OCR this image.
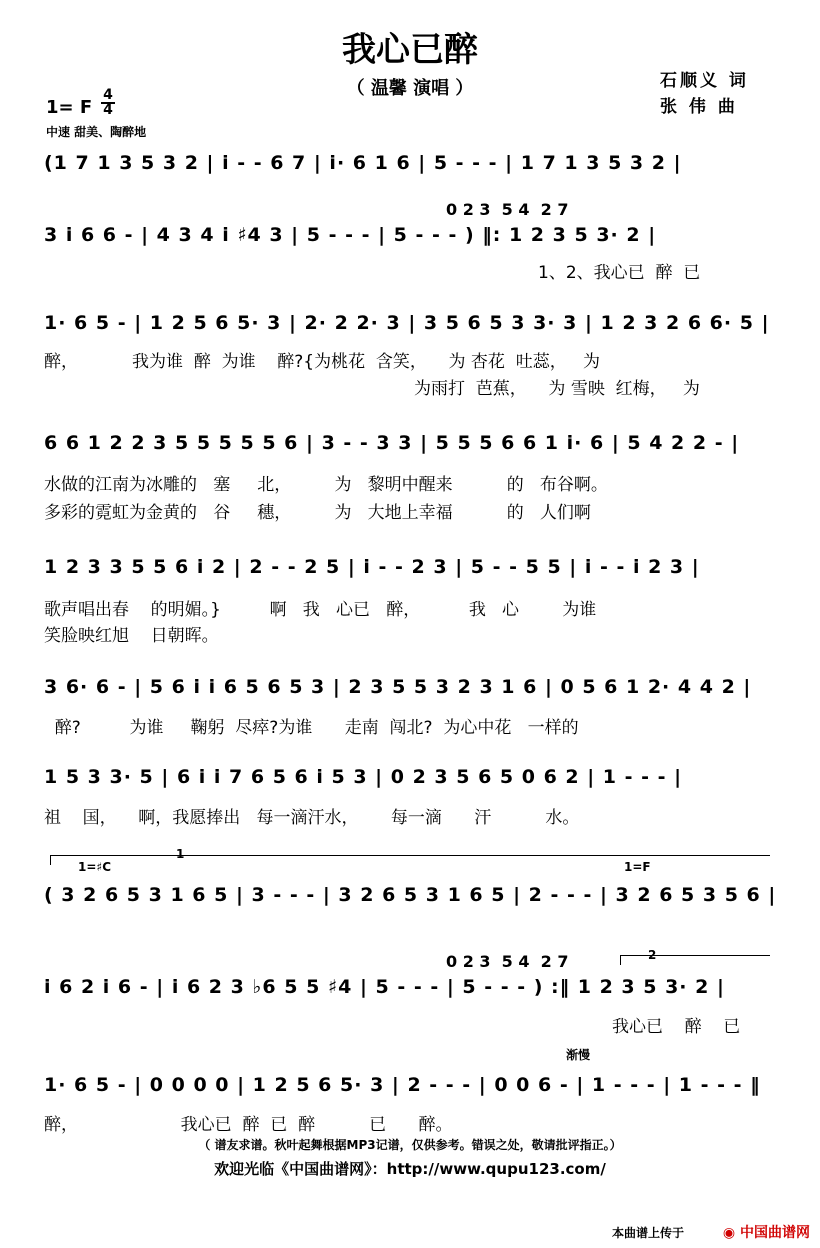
我心已醉
（ 温馨 演唱 ）	石顺义 词
张 伟 曲
1= F $\frac{4}{4}$
中速 甜美、陶醉地
(1 7 1 3 5 3 2 | i - - 6 7 | i· 6 1 6 | 5 - - - | 1 7 1 3 5 3 2 |
0 2 3  5 4  2 7
3 i 6 6 - | 4 3 4 i ♯4 3 | 5 - - - | 5 - - - ) ‖: 1 2 3 5 3· 2 |
1、2、我心已  醉  已
1· 6 5 - | 1 2 5 6 5· 3 | 2· 2 2· 3 | 3 5 6 5 3 3· 3 | 1 2 3 2 6 6· 5 |
醉，          我为谁  醉  为谁    醉?{为桃花  含笑，    为 杏花  吐蕊，   为
为雨打  芭蕉，    为 雪映  红梅，   为
6 6 1 2 2 3 5 5 5 5 5 6 | 3 - - 3 3 | 5 5 5 6 6 1 i· 6 | 5 4 2 2 - |
水做的江南为冰雕的   塞     北，        为   黎明中醒来          的   布谷啊。
多彩的霓虹为金黄的   谷     穗，        为   大地上幸福          的   人们啊
1 2 3 3 5 5 6 i 2 | 2 - - 2 5 | i - - 2 3 | 5 - - 5 5 | i - - i 2 3 |
歌声唱出春    的明媚。}         啊   我   心已   醉，         我   心        为谁
笑脸映红旭    日朝晖。
3 6· 6 - | 5 6 i i 6 5 6 5 3 | 2 3 5 5 3 2 3 1 6 | 0 5 6 1 2· 4 4 2 |
醉?         为谁     鞠躬  尽瘁?为谁      走南  闯北?  为心中花   一样的
1 5 3 3· 5 | 6 i i 7 6 5 6 i 5 3 | 0 2 3 5 6 5 0 6 2 | 1 - - - |
祖    国，    啊，我愿捧出   每一滴汗水，      每一滴      汗          水。
1
1=♯C	1=F
( 3 2 6 5 3 1 6 5 | 3 - - - | 3 2 6 5 3 1 6 5 | 2 - - - | 3 2 6 5 3 5 6 |
2
0 2 3  5 4  2 7
i 6 2 i 6 - | i 6 2 3 ♭6 5 5 ♯4 | 5 - - - | 5 - - - ) :‖ 1 2 3 5 3· 2 |
我心已    醉    已
渐慢
1· 6 5 - | 0 0 0 0 | 1 2 5 6 5· 3 | 2 - - - | 0 0 6 - | 1 - - - | 1 - - - ‖
醉，                   我心已  醉  已  醉          已      醉。
（ 谱友求谱。秋叶起舞根据MP3记谱，仅供参考。错误之处，敬请批评指正。）
欢迎光临《中国曲谱网》：http://www.qupu123.com/
本曲谱上传于	◉ 中国曲谱网
